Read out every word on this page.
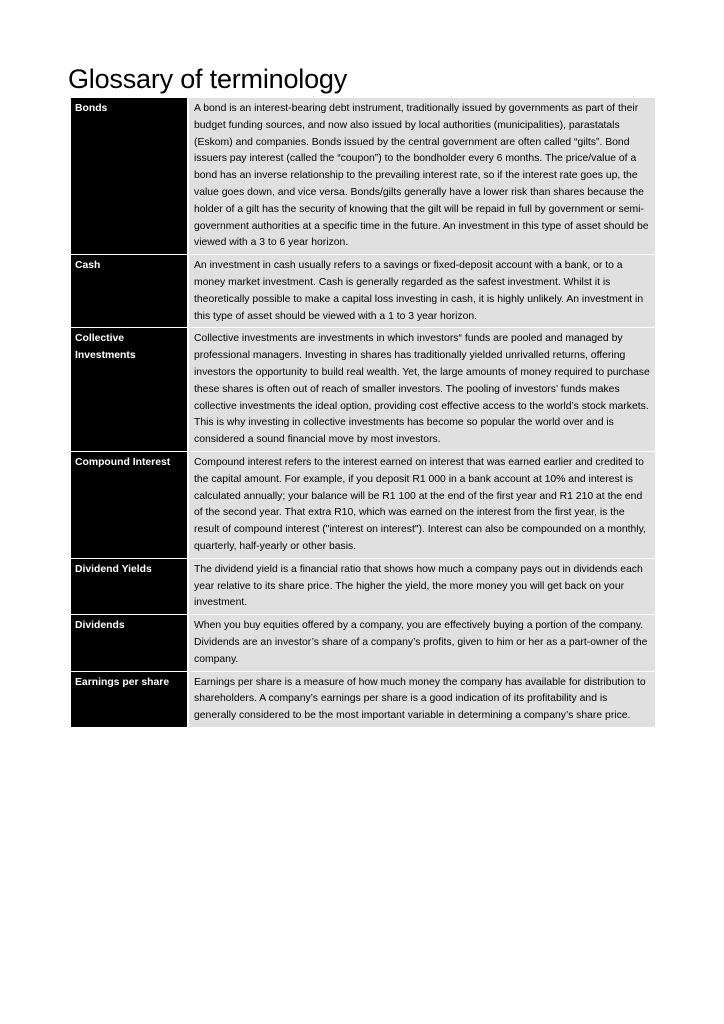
Glossary of terminology
Bonds	A bond is an interest-bearing debt instrument, traditionally issued by governments as part of their budget funding sources, and now also issued by local authorities (municipalities), parastatals (Eskom) and companies. Bonds issued by the central government are often called “gilts”. Bond issuers pay interest (called the “coupon”) to the bondholder every 6 months. The price/value of a bond has an inverse relationship to the prevailing interest rate, so if the interest rate goes up, the value goes down, and vice versa. Bonds/gilts generally have a lower risk than shares because the holder of a gilt has the security of knowing that the gilt will be repaid in full by government or semi-government authorities at a specific time in the future. An investment in this type of asset should be viewed with a 3 to 6 year horizon.
Cash	An investment in cash usually refers to a savings or fixed-deposit account with a bank, or to a money market investment. Cash is generally regarded as the safest investment. Whilst it is theoretically possible to make a capital loss investing in cash, it is highly unlikely. An investment in this type of asset should be viewed with a 1 to 3 year horizon.
Collective Investments	Collective investments are investments in which investors“ funds are pooled and managed by professional managers. Investing in shares has traditionally yielded unrivalled returns, offering investors the opportunity to build real wealth. Yet, the large amounts of money required to purchase these shares is often out of reach of smaller investors. The pooling of investors’ funds makes collective investments the ideal option, providing cost effective access to the world’s stock markets. This is why investing in collective investments has become so popular the world over and is considered a sound financial move by most investors.
Compound Interest	Compound interest refers to the interest earned on interest that was earned earlier and credited to the capital amount. For example, if you deposit R1 000 in a bank account at 10% and interest is calculated annually; your balance will be R1 100 at the end of the first year and R1 210 at the end of the second year. That extra R10, which was earned on the interest from the first year, is the result of compound interest ("interest on interest"). Interest can also be compounded on a monthly, quarterly, half-yearly or other basis.
Dividend Yields	The dividend yield is a financial ratio that shows how much a company pays out in dividends each year relative to its share price. The higher the yield, the more money you will get back on your investment.
Dividends	When you buy equities offered by a company, you are effectively buying a portion of the company. Dividends are an investor’s share of a company’s profits, given to him or her as a part-owner of the company.
Earnings per share	Earnings per share is a measure of how much money the company has available for distribution to shareholders. A company’s earnings per share is a good indication of its profitability and is generally considered to be the most important variable in determining a company’s share price.
